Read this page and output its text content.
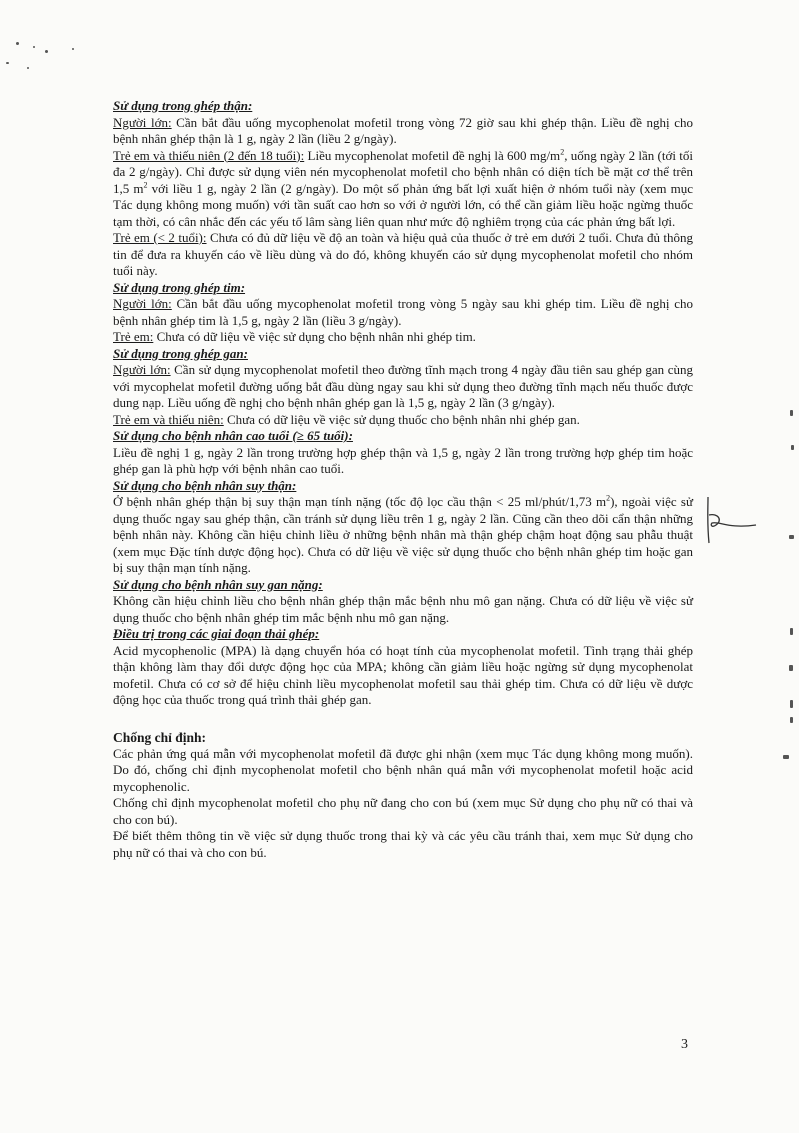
Sử dụng trong ghép thận:

Người lớn: Cần bắt đầu uống mycophenolat mofetil trong vòng 72 giờ sau khi ghép thận. Liều đề nghị cho bệnh nhân ghép thận là 1 g, ngày 2 lần (liều 2 g/ngày).

Trẻ em và thiếu niên (2 đến 18 tuổi): Liều mycophenolat mofetil đề nghị là 600 $mg/m^2$, uống ngày 2 lần (tới tối đa 2 g/ngày). Chỉ được sử dụng viên nén mycophenolat mofetil cho bệnh nhân có diện tích bề mặt cơ thể trên 1,5 $m^2$ với liều 1 g, ngày 2 lần (2 g/ngày). Do một số phản ứng bất lợi xuất hiện ở nhóm tuổi này (xem mục Tác dụng không mong muốn) với tần suất cao hơn so với ở người lớn, có thể cần giảm liều hoặc ngừng thuốc tạm thời, có cân nhắc đến các yếu tố lâm sàng liên quan như mức độ nghiêm trọng của các phản ứng bất lợi.

Trẻ em (< 2 tuổi): Chưa có đủ dữ liệu về độ an toàn và hiệu quả của thuốc ở trẻ em dưới 2 tuổi. Chưa đủ thông tin để đưa ra khuyến cáo về liều dùng và do đó, không khuyến cáo sử dụng mycophenolat mofetil cho nhóm tuổi này.

Sử dụng trong ghép tim:

Người lớn: Cần bắt đầu uống mycophenolat mofetil trong vòng 5 ngày sau khi ghép tim. Liều đề nghị cho bệnh nhân ghép tim là 1,5 g, ngày 2 lần (liều 3 g/ngày).

Trẻ em: Chưa có dữ liệu về việc sử dụng cho bệnh nhân nhi ghép tim.

Sử dụng trong ghép gan:

Người lớn: Cần sử dụng mycophenolat mofetil theo đường tĩnh mạch trong 4 ngày đầu tiên sau ghép gan cùng với mycophelat mofetil đường uống bắt đầu dùng ngay sau khi sử dụng theo đường tĩnh mạch nếu thuốc được dung nạp. Liều uống đề nghị cho bệnh nhân ghép gan là 1,5 g, ngày 2 lần (3 g/ngày).

Trẻ em và thiếu niên: Chưa có dữ liệu về việc sử dụng thuốc cho bệnh nhân nhi ghép gan.

Sử dụng cho bệnh nhân cao tuổi (≥ 65 tuổi):

Liều đề nghị 1 g, ngày 2 lần trong trường hợp ghép thận và 1,5 g, ngày 2 lần trong trường hợp ghép tim hoặc ghép gan là phù hợp với bệnh nhân cao tuổi.

Sử dụng cho bệnh nhân suy thận:

Ở bệnh nhân ghép thận bị suy thận mạn tính nặng (tốc độ lọc cầu thận < 25 ml/phút/1,73 $m^2$), ngoài việc sử dụng thuốc ngay sau ghép thận, cần tránh sử dụng liều trên 1 g, ngày 2 lần. Cũng cần theo dõi cẩn thận những bệnh nhân này. Không cần hiệu chỉnh liều ở những bệnh nhân mà thận ghép chậm hoạt động sau phẫu thuật (xem mục Đặc tính dược động học). Chưa có dữ liệu về việc sử dụng thuốc cho bệnh nhân ghép tim hoặc gan bị suy thận mạn tính nặng.

Sử dụng cho bệnh nhân suy gan nặng:

Không cần hiệu chỉnh liều cho bệnh nhân ghép thận mắc bệnh nhu mô gan nặng. Chưa có dữ liệu về việc sử dụng thuốc cho bệnh nhân ghép tim mắc bệnh nhu mô gan nặng.

Điều trị trong các giai đoạn thải ghép:

Acid mycophenolic (MPA) là dạng chuyển hóa có hoạt tính của mycophenolat mofetil. Tình trạng thải ghép thận không làm thay đổi dược động học của MPA; không cần giảm liều hoặc ngừng sử dụng mycophenolat mofetil. Chưa có cơ sở để hiệu chỉnh liều mycophenolat mofetil sau thải ghép tim. Chưa có dữ liệu về dược động học của thuốc trong quá trình thải ghép gan.

Chống chỉ định:

Các phản ứng quá mẫn với mycophenolat mofetil đã được ghi nhận (xem mục Tác dụng không mong muốn). Do đó, chống chỉ định mycophenolat mofetil cho bệnh nhân quá mẫn với mycophenolat mofetil hoặc acid mycophenolic.

Chống chỉ định mycophenolat mofetil cho phụ nữ đang cho con bú (xem mục Sử dụng cho phụ nữ có thai và cho con bú).

Để biết thêm thông tin về việc sử dụng thuốc trong thai kỳ và các yêu cầu tránh thai, xem mục Sử dụng cho phụ nữ có thai và cho con bú.

3
